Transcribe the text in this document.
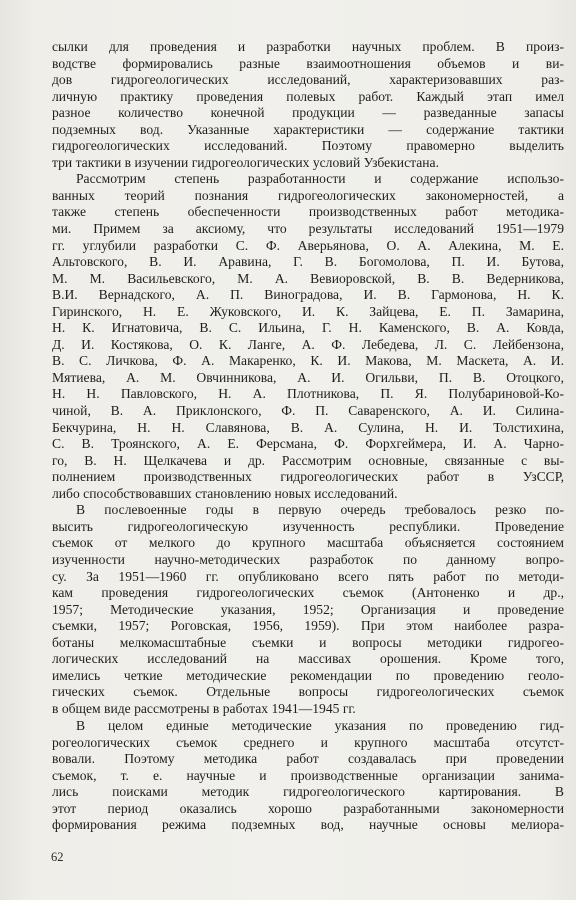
сылки для проведения и разработки научных проблем. В произ-
водстве формировались разные взаимоотношения объемов и ви-
дов гидрогеологических исследований, характеризовавших раз-
личную практику проведения полевых работ. Каждый этап имел
разное количество конечной продукции — разведанные запасы
подземных вод. Указанные характеристики — содержание тактики
гидрогеологических исследований. Поэтому правомерно выделить
три тактики в изучении гидрогеологических условий Узбекистана.
Рассмотрим степень разработанности и содержание использо-
ванных теорий познания гидрогеологических закономерностей, а
также степень обеспеченности производственных работ методика-
ми. Примем за аксиому, что результаты исследований 1951—1979
гг. углубили разработки С. Ф. Аверьянова, О. А. Алекина, М. Е.
Альтовского, В. И. Аравина, Г. В. Богомолова, П. И. Бутова,
М. М. Васильевского, М. А. Вевиоровской, В. В. Ведерникова,
В.И. Вернадского, А. П. Виноградова, И. В. Гармонова, Н. К.
Гиринского, Н. Е. Жуковского, И. К. Зайцева, Е. П. Замарина,
Н. К. Игнатовича, В. С. Ильина, Г. Н. Каменского, В. А. Ковда,
Д. И. Костякова, О. К. Ланге, А. Ф. Лебедева, Л. С. Лейбензона,
В. С. Личкова, Ф. А. Макаренко, К. И. Макова, М. Маскета, А. И.
Мятиева, А. М. Овчинникова, А. И. Огильви, П. В. Отоцкого,
Н. Н. Павловского, Н. А. Плотникова, П. Я. Полубариновой-Ко-
чиной, В. А. Приклонского, Ф. П. Саваренского, А. И. Силина-
Бекчурина, Н. Н. Славянова, В. А. Сулина, Н. И. Толстихина,
С. В. Троянского, А. Е. Ферсмана, Ф. Форхгеймера, И. А. Чарно-
го, В. Н. Щелкачева и др. Рассмотрим основные, связанные с вы-
полнением производственных гидрогеологических работ в УзССР,
либо способствовавших становлению новых исследований.
В послевоенные годы в первую очередь требовалось резко по-
высить гидрогеологическую изученность республики. Проведение
съемок от мелкого до крупного масштаба объясняется состоянием
изученности научно-методических разработок по данному вопро-
су. За 1951—1960 гг. опубликовано всего пять работ по методи-
кам проведения гидрогеологических съемок (Антоненко и др.,
1957; Методические указания, 1952; Организация и проведение
съемки, 1957; Роговская, 1956, 1959). При этом наиболее разра-
ботаны мелкомасштабные съемки и вопросы методики гидрогео-
логических исследований на массивах орошения. Кроме того,
имелись четкие методические рекомендации по проведению геоло-
гических съемок. Отдельные вопросы гидрогеологических съемок
в общем виде рассмотрены в работах 1941—1945 гг.
В целом единые методические указания по проведению гид-
рогеологических съемок среднего и крупного масштаба отсутст-
вовали. Поэтому методика работ создавалась при проведении
съемок, т. е. научные и производственные организации занима-
лись поисками методик гидрогеологического картирования. В
этот период оказались хорошо разработанными закономерности
формирования режима подземных вод, научные основы мелиора-
62
